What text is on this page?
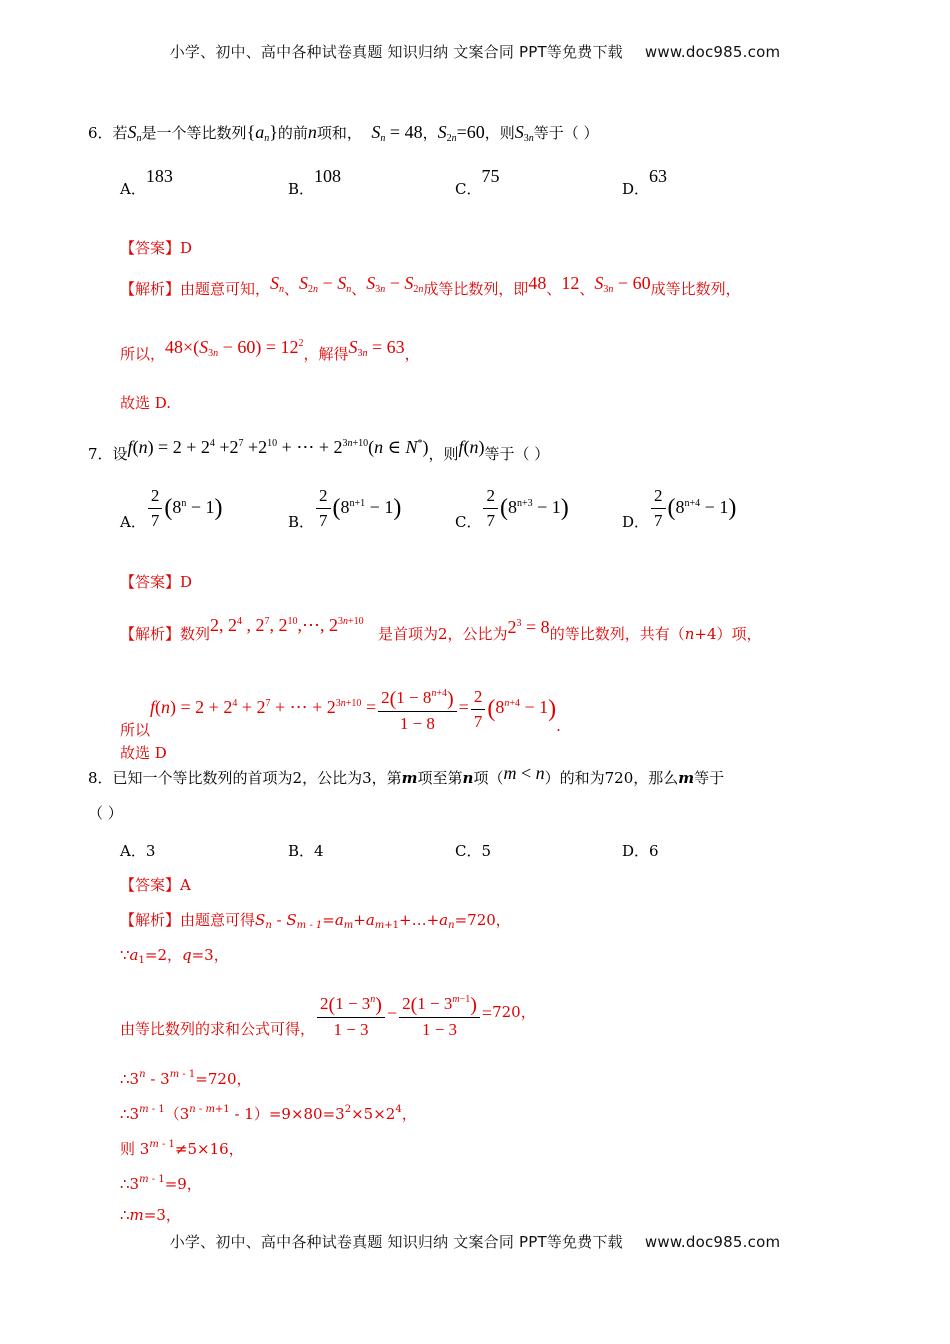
小学、初中、高中各种试卷真题 知识归纳 文案合同 PPT等免费下载 www.doc985.com
6．若$S_n$是一个等比数列$\{a_n\}$的前n项和， $S_n = 48$，$S_{2n}=60$，则$S_{3n}$等于（ ）
A．183
B．108
C．75
D．63
【答案】D
【解析】由题意可知，$S_n$、$S_{2n} - S_n$、$S_{3n} - S_{2n}$成等比数列，即48、12、$S_{3n} - 60$成等比数列，
所以，$48\times(S_{3n} - 60) = 12^2$，解得$S_{3n} = 63$，
故选 D.
7．设$f(n) = 2 + 2^4 +2^7 +2^{10}$ + ⋯ + $2^{3n+10}(n$ ∈ N*)，则f(n)等于（ ）
A． $\frac{2}{7} (8^n - 1)$
B． $\frac{2}{7} (8^{n+1} - 1)$
C． $\frac{2}{7} (8^{n+3} - 1)$
D． $\frac{2}{7} (8^{n+4} - 1)$
【答案】D
【解析】数列2, $2^4$ , $2^7$, $2^{10},\cdots$, $2^{3n+10}$   是首项为2，公比为$2^3 = 8$的等比数列，共有（n+4）项，
所以$f(n) = 2 + 2^4 + 2^7$ + ⋯ + $2^{3n+10} = \frac{2(1 - 8^{n+4})}{1 - 8} = \frac{2}{7} (8^{n+4} - 1)$.
故选 D
8．已知一个等比数列的首项为2，公比为3，第m项至第n项（m < n）的和为720，那么m等于
（ ）
A．3	B．4	C．5	D．6
【答案】A
【解析】由题意可得$S_n$ - $S_{m - 1}=a_m+a_{m+1}+\dots+a_n=720$，
$\because a_1=2$，q=3，
由等比数列的求和公式可得， $\frac{2(1 - 3^n)}{1 - 3} - \frac{2(1 - 3^{m-1})}{1 - 3} =720$，
∴3$^n$ - $3^{m - 1}=720$，
$\therefore 3^{m - 1}(3^{n - m+1} - 1)=9\times 80=3^2\times 5\times 2^4$，
则 $3^{m - 1}\ne 5\times 16$，
$\therefore 3^{m - 1}=9$，
∴m=3，
小学、初中、高中各种试卷真题 知识归纳 文案合同 PPT等免费下载 www.doc985.com
